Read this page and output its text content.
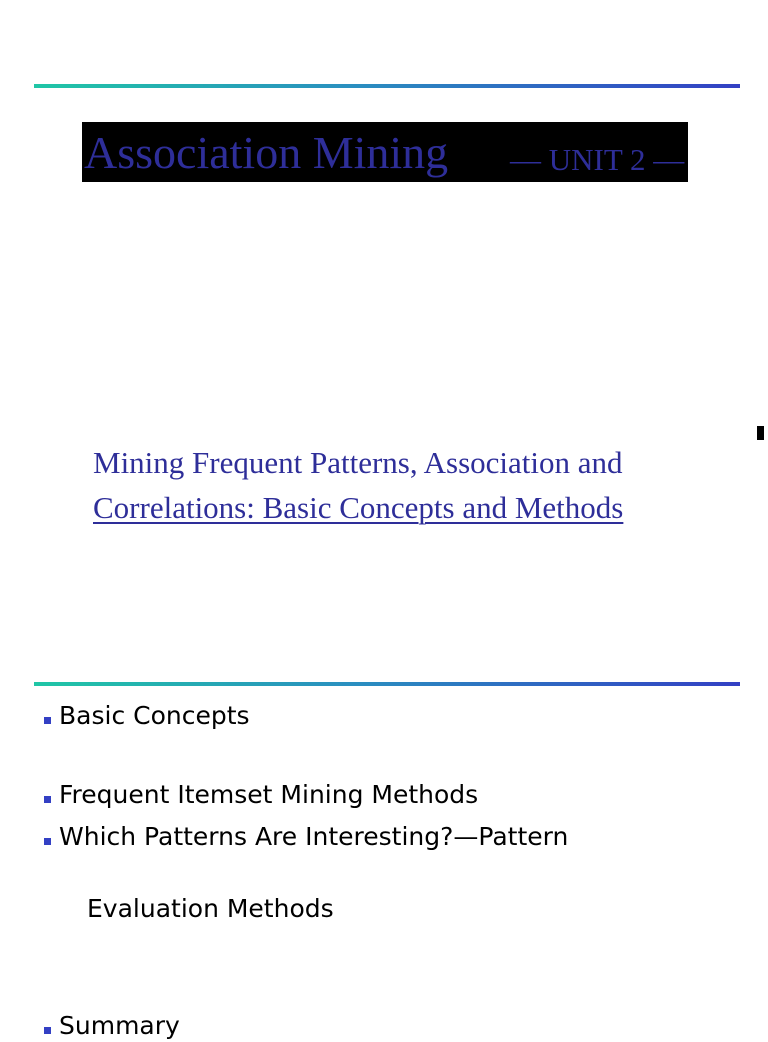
Association Mining — UNIT 2 —
Mining Frequent Patterns, Association and
Correlations: Basic Concepts and Methods
Basic Concepts
Frequent Itemset Mining Methods
Which Patterns Are Interesting?—Pattern
Evaluation Methods
Summary
